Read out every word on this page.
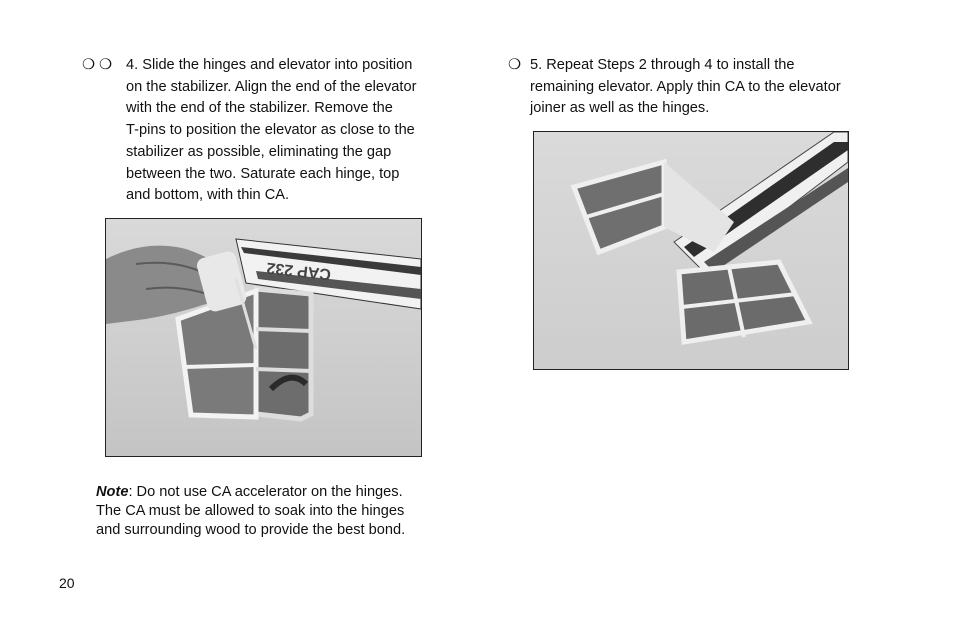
❍ ❍ 4. Slide the hinges and elevator into position

on the stabilizer. Align the end of the elevator

with the end of the stabilizer. Remove the

T-pins to position the elevator as close to the

stabilizer as possible, eliminating the gap

between the two. Saturate each hinge, top

and bottom, with thin CA.

CAP 232

Note: Do not use CA accelerator on the hinges. The CA must be allowed to soak into the hinges and surrounding wood to provide the best bond.

❍ 5. Repeat Steps 2 through 4 to install the

remaining elevator. Apply thin CA to the elevator

joiner as well as the hinges.

20
